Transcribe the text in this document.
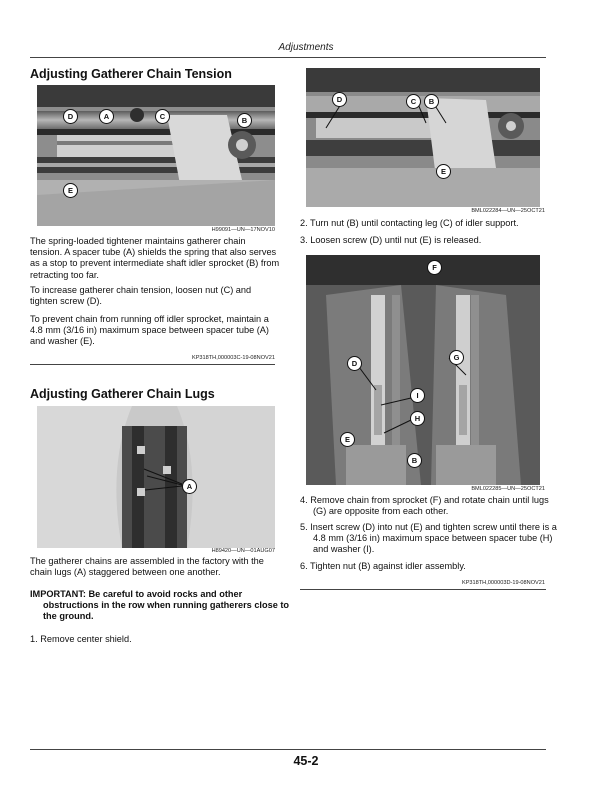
Adjustments
Adjusting Gatherer Chain Tension
D	A	C	B
E
H99091—UN—17NOV10
The spring-loaded tightener maintains gatherer chain tension. A spacer tube (A) shields the spring that also serves as a stop to prevent intermediate shaft idler sprocket (B) from retracting too far.
To increase gatherer chain tension, loosen nut (C) and tighten screw (D).
To prevent chain from running off idler sprocket, maintain a 4.8 mm (3/16 in) maximum space between spacer tube (A) and washer (E).
KP318TH,000003C-19-08NOV21
Adjusting Gatherer Chain Lugs
A
H89420—UN—01AUG07
The gatherer chains are assembled in the factory with the chain lugs (A) staggered between one another.
IMPORTANT: Be careful to avoid rocks and other obstructions in the row when running gatherers close to the ground.
1. Remove center shield.
D	C	B
E
BML022284—UN—25OCT21
2. Turn nut (B) until contacting leg (C) of idler support.
3. Loosen screw (D) until nut (E) is released.
F
G
D
I
H
E
B
BML022285—UN—25OCT21
4. Remove chain from sprocket (F) and rotate chain until lugs (G) are opposite from each other.
5. Insert screw (D) into nut (E) and tighten screw until there is a 4.8 mm (3/16 in) maximum space between spacer tube (H) and washer (I).
6. Tighten nut (B) against idler assembly.
KP318TH,000003D-19-08NOV21
45-2
